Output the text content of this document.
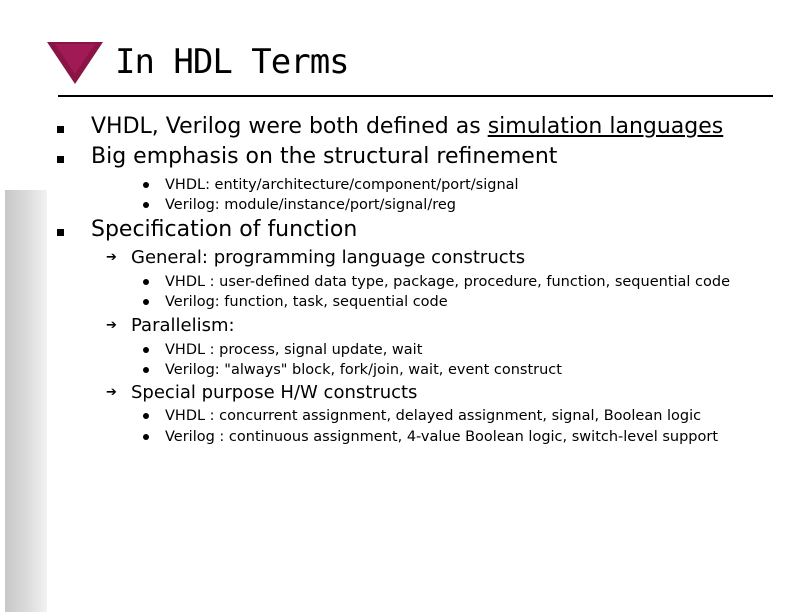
In HDL Terms
VHDL, Verilog were both defined as simulation languages
Big emphasis on the structural refinement
VHDL: entity/architecture/component/port/signal
Verilog: module/instance/port/signal/reg
Specification of function
➔ General: programming language constructs
VHDL : user-defined data type, package, procedure, function, sequential code
Verilog: function, task, sequential code
➔ Parallelism:
VHDL : process, signal update, wait
Verilog: "always" block, fork/join, wait, event construct
➔ Special purpose H/W constructs
VHDL : concurrent assignment, delayed assignment, signal, Boolean logic
Verilog : continuous assignment, 4-value Boolean logic, switch-level support
